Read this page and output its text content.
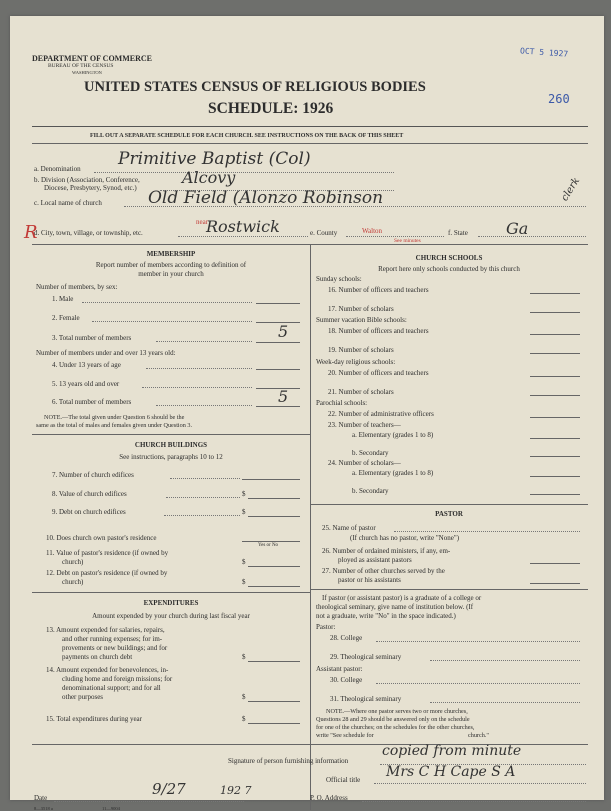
DEPARTMENT OF COMMERCE
BUREAU OF THE CENSUS
WASHINGTON
UNITED STATES CENSUS OF RELIGIOUS BODIES
SCHEDULE: 1926
FILL OUT A SEPARATE SCHEDULE FOR EACH CHURCH. SEE INSTRUCTIONS ON THE BACK OF THIS SHEET
OCT 5 1927
260
a. Denomination Primitive Baptist (Col)
b. Division (Association, Conference,
Diocese, Presbytery, Synod, etc.)
Alcovy
c. Local name of church	Old Field (Alonzo Robinson	clerk
d. City, town, village, or township, etc.
near
Rostwick	e. County	Walton
See minutes
f. State Ga
R
MEMBERSHIP
Report number of members according to definition of
member in your church
Number of members, by sex:
1. Male
2. Female
3. Total number of members	5
Number of members under and over 13 years old:
4. Under 13 years of age
5. 13 years old and over
6. Total number of members	5
NOTE.—The total given under Question 6 should be the
same as the total of males and females given under Question 3.
CHURCH BUILDINGS
See instructions, paragraphs 10 to 12
7. Number of church edifices
8. Value of church edifices	$
9. Debt on church edifices	$
10. Does church own pastor's residence
Yes or No
11. Value of pastor's residence (if owned by
church)	$
12. Debt on pastor's residence (if owned by
church)	$
EXPENDITURES
Amount expended by your church during last fiscal year
13. Amount expended for salaries, repairs,
and other running expenses; for im-
provements or new buildings; and for
payments on church debt	$
14. Amount expended for benevolences, in-
cluding home and foreign missions; for
denominational support; and for all
other purposes	$
15. Total expenditures during year	$
CHURCH SCHOOLS
Report here only schools conducted by this church
Sunday schools:
16. Number of officers and teachers
17. Number of scholars
Summer vacation Bible schools:
18. Number of officers and teachers
19. Number of scholars
Week-day religious schools:
20. Number of officers and teachers
21. Number of scholars
Parochial schools:
22. Number of administrative officers
23. Number of teachers—
a. Elementary (grades 1 to 8)
b. Secondary
24. Number of scholars—
a. Elementary (grades 1 to 8)
b. Secondary
PASTOR
25. Name of pastor
(If church has no pastor, write "None")
26. Number of ordained ministers, if any, em-
ployed as assistant pastors
27. Number of other churches served by the
pastor or his assistants
If pastor (or assistant pastor) is a graduate of a college or
theological seminary, give name of institution below. (If
not a graduate, write "No" in the space indicated.)
Pastor:
28. College
29. Theological seminary
Assistant pastor:
30. College
31. Theological seminary
NOTE.—Where one pastor serves two or more churches,
Questions 28 and 29 should be answered only on the schedule
for one of the churches; on the schedules for the other churches,
write "See schedule for	church."
Signature of person furnishing information
copied from minute
Official title Mrs C H Cape S A
Date	9/27	192 7
P. O. Address
8—3518 a	11—9004
